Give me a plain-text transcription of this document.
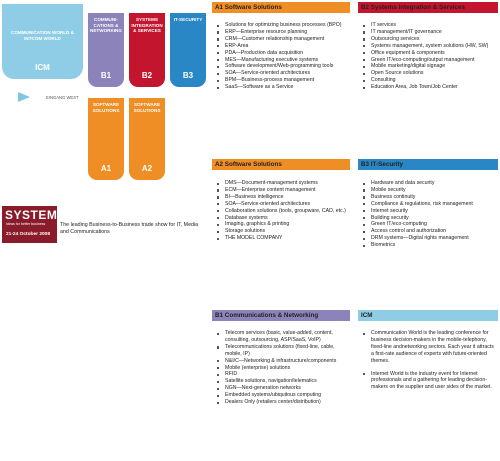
COMMUNICATION WORLD & INTCOM WORLD
ICM
COMMUNI-CATIONS & NETWORKING
B1
SYSTEMS INTEGRATION & SERVICES
B2
IT-SECURITY
B3
EINGANG WEST
SOFTWARE SOLUTIONS
A1
SOFTWARE SOLUTIONS
A2
SYSTEMS
Ideas for better business
21-24 October 2008
The leading Business-to-Business trade show for IT, Media and Communications
A1 Software Solutions	B2 Systems Integration & Services
A2 Software Solutions	B3 IT-Security
B1 Communications & Networking	ICM
Solutions for optimizing business processes (BPO)
ERP—Enterprise resource planning
CRM—Customer relationship management
ERP-Area
PDA—Production data acquisition
MES—Manufacturing executive systems
Software development/Web-programming tools
SOA—Service-oriented architectures
BPM—Business-process management
SaaS—Software as a Service
IT services
IT management/IT governance
Outsourcing services
Systems management, system solutions (HW, SW)
Office equipment & components
Green IT/eco-computing/output management
Mobile marketing/digital signage
Open Source solutions
Consulting
Education Area, Job Town/Job Center
DMS—Document-management systems
ECM—Enterprise content management
BI—Business intelligence
SOA—Service-oriented architectures
Collaboration solutions (tools, groupware, CAD, etc.)
Database systems
Imaging, graphics & printing
Storage solutions
THE MODEL COMPANY
Hardware and data security
Mobile security
Business continuity
Compliance & regulations, risk management
Internet security
Building security
Green IT/eco-computing
Access control and authorization
DRM systems—Digital rights management
Biometrics
Telecom services (basic, value-added, content, consulting, outsourcing, ASP/SaaS, VoIP)
Telecommunications solutions (fixed-line, cable, mobile, IP)
N&I/C—Networking & infrastructure/components
Mobile (enterprise) solutions
RFID
Satellite solutions, navigation/telematics
NGN—Next-generation networks
Embedded systems/ubiquitous computing
Dealers Only (retailers center/distribution)
Communication World is the leading conference for business decision-makers in the mobile-telephony, fixed-line andnetworking sectors. Each year it attracts a first-rate audience of experts with future-oriented themes.
Internet World is the industry event for Internet professionals and a gathering for leading decision-makers on the supplier and user sides of the market.
